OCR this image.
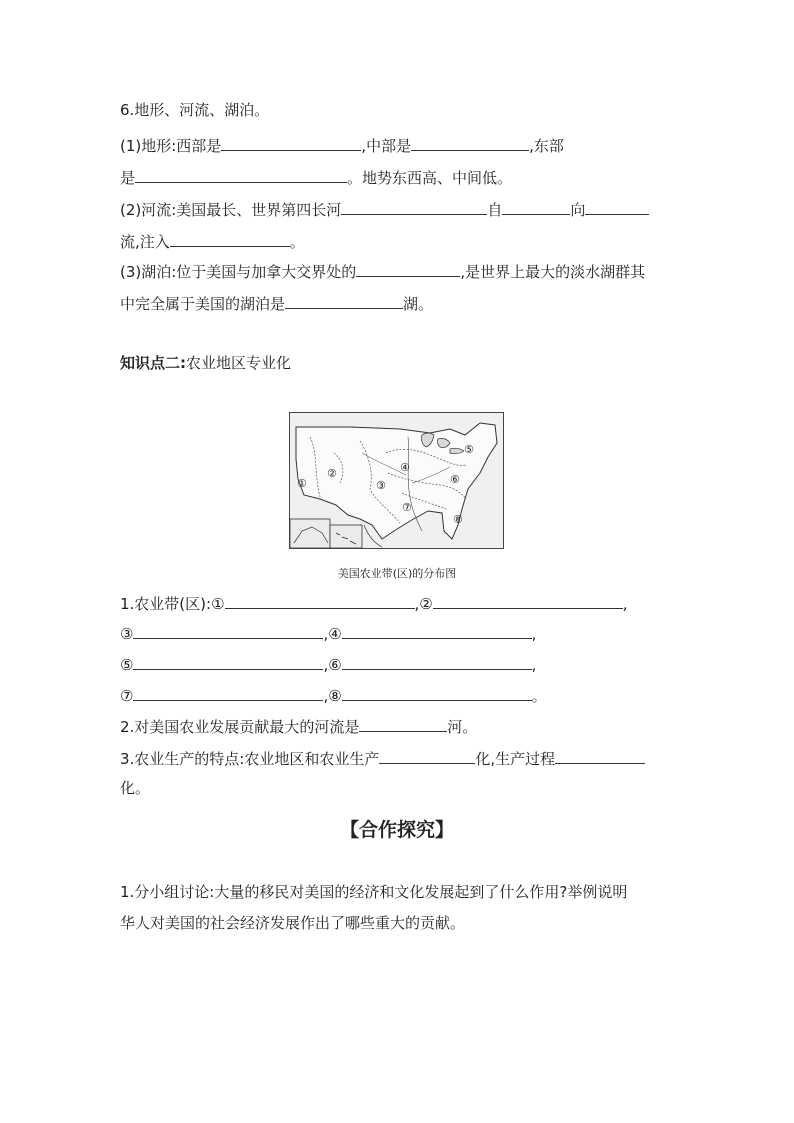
6.地形、河流、湖泊。
(1)地形:西部是	,中部是	,东部
是	。地势东西高、中间低。
(2)河流:美国最长、世界第四长河	自	向
流,注入	。
(3)湖泊:位于美国与加拿大交界处的	,是世界上最大的淡水湖群其
中完全属于美国的湖泊是	湖。
知识点二:农业地区专业化
①
②
③
④
⑤
⑥
⑦
⑧
美国农业带(区)的分布图
1.农业带(区):①	,②	,
③	,④	,
⑤	,⑥	,
⑦	,⑧	。
2.对美国农业发展贡献最大的河流是	河。
3.农业生产的特点:农业地区和农业生产	化,生产过程
化。
【合作探究】
1.分小组讨论:大量的移民对美国的经济和文化发展起到了什么作用?举例说明
华人对美国的社会经济发展作出了哪些重大的贡献。
